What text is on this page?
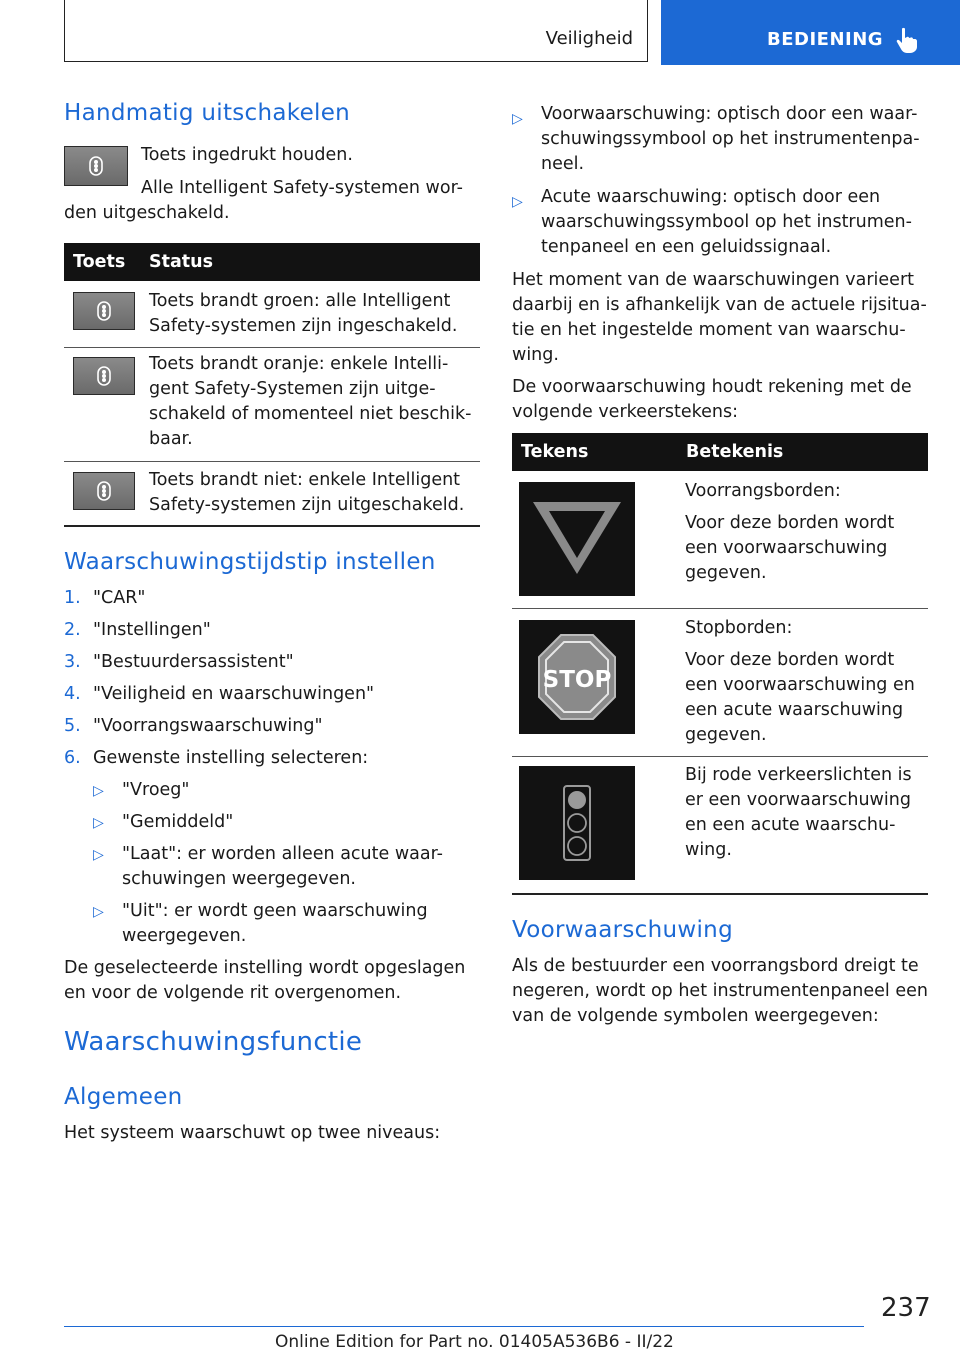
Veiligheid	BEDIENING
Handmatig uitschakelen
Toets ingedrukt houden.
Alle Intelligent Safety-systemen wor-
den uitgeschakeld.
Toets Status
Toets brandt groen: alle Intelligent
Safety-systemen zijn ingeschakeld.
Toets brandt oranje: enkele Intelli-
gent Safety-Systemen zijn uitge-
schakeld of momenteel niet beschik-
baar.
Toets brandt niet: enkele Intelligent
Safety-systemen zijn uitgeschakeld.
Waarschuwingstijdstip instellen
1. "CAR"
2. "Instellingen"
3. "Bestuurdersassistent"
4. "Veiligheid en waarschuwingen"
5. "Voorrangswaarschuwing"
6. Gewenste instelling selecteren:
▷ "Vroeg"
▷ "Gemiddeld"
▷ "Laat": er worden alleen acute waar-
schuwingen weergegeven.
▷ "Uit": er wordt geen waarschuwing
weergegeven.
De geselecteerde instelling wordt opgeslagen
en voor de volgende rit overgenomen.
Waarschuwingsfunctie
Algemeen
Het systeem waarschuwt op twee niveaus:
▷ Voorwaarschuwing: optisch door een waar-
schuwingssymbool op het instrumentenpa-
neel.
▷ Acute waarschuwing: optisch door een
waarschuwingssymbool op het instrumen-
tenpaneel en een geluidssignaal.
Het moment van de waarschuwingen varieert
daarbij en is afhankelijk van de actuele rijsitua-
tie en het ingestelde moment van waarschu-
wing.
De voorwaarschuwing houdt rekening met de
volgende verkeerstekens:
Tekens	Betekenis
Voorrangsborden:
Voor deze borden wordt
een voorwaarschuwing
gegeven.
STOP
Stopborden:
Voor deze borden wordt
een voorwaarschuwing en
een acute waarschuwing
gegeven.
Bij rode verkeerslichten is
er een voorwaarschuwing
en een acute waarschu-
wing.
Voorwaarschuwing
Als de bestuurder een voorrangsbord dreigt te
negeren, wordt op het instrumentenpaneel een
van de volgende symbolen weergegeven:
237
Online Edition for Part no. 01405A536B6 - II/22
